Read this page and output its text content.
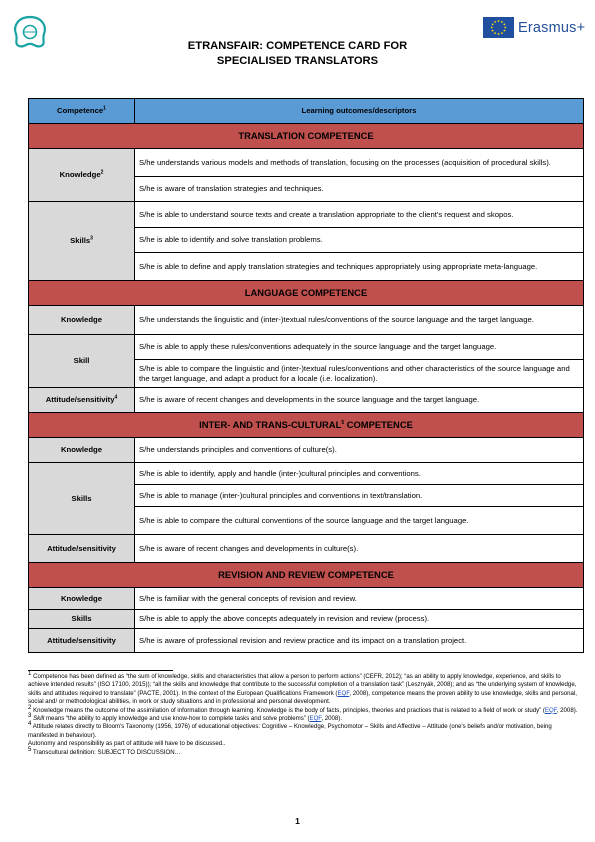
Erasmus+
ETRANSFAIR: COMPETENCE CARD FOR
SPECIALISED TRANSLATORS
Competence$^1$	Learning outcomes/descriptors
TRANSLATION COMPETENCE	
Knowledge$^2$	S/he understands various models and methods of translation, focusing on the processes (acquisition of procedural skills).
	S/he is aware of translation strategies and techniques.
Skills$^3$	S/he is able to understand source texts and create a translation appropriate to the client's request and skopos.
	S/he is able to identify and solve translation problems.
	S/he is able to define and apply translation strategies and techniques appropriately using appropriate meta-language.
LANGUAGE COMPETENCE	
Knowledge	S/he understands the linguistic and (inter-)textual rules/conventions of the source language and the target language.
Skill	S/he is able to apply these rules/conventions adequately in the source language and the target language.
	S/he is able to compare the linguistic and (inter-)textual rules/conventions and other characteristics of the source language and the target language, and adapt a product for a locale (i.e. localization).
Attitude/sensitivity$^4$	S/he is aware of recent changes and developments in the source language and the target language.
INTER- AND TRANS-CULTURAL$^5$ COMPETENCE	
Knowledge	S/he understands principles and conventions of culture(s).
Skills	S/he is able to identify, apply and handle (inter-)cultural principles and conventions.
	S/he is able to manage (inter-)cultural principles and conventions in text/translation.
	S/he is able to compare the cultural conventions of the source language and the target language.
Attitude/sensitivity	S/he is aware of recent changes and developments in culture(s).
REVISION AND REVIEW COMPETENCE	
Knowledge	S/he is familiar with the general concepts of revision and review.
Skills	S/he is able to apply the above concepts adequately in revision and review (process).
Attitude/sensitivity	S/he is aware of professional revision and review practice and its impact on a translation project.

1 Competence has been defined as “the sum of knowledge, skills and characteristics that allow a person to perform actions” (CEFR, 2012); “as an ability to apply knowledge, experience, and skills to achieve intended results” (ISO 17100, 2015)); “all the skills and knowledge that contribute to the successful completion of a translation task” (Lesznyák, 2008); and as “the underlying system of knowledge, skills and attitudes required to translate” (PACTE, 2001). In the context of the European Qualifications Framework (EQF, 2008), competence means the proven ability to use knowledge, skills and personal, social and/ or methodological abilities, in work or study situations and in professional and personal development.

2 Knowledge means the outcome of the assimilation of information through learning. Knowledge is the body of facts, principles, theories and practices that is related to a field of work or study” (EQF, 2008).

3 Skill means “the ability to apply knowledge and use know-how to complete tasks and solve problems” (EQF, 2008).

4 Attitude relates directly to Bloom's Taxonomy (1956, 1976) of educational objectives: Cognitive – Knowledge, Psychomotor – Skills and Affective – Attitude (one's beliefs and/or motivation, being manifested in behaviour).

Autonomy and responsibility as part of attitude will have to be discussed..

5 Transcultural definition: SUBJECT TO DISCUSSION…

1
